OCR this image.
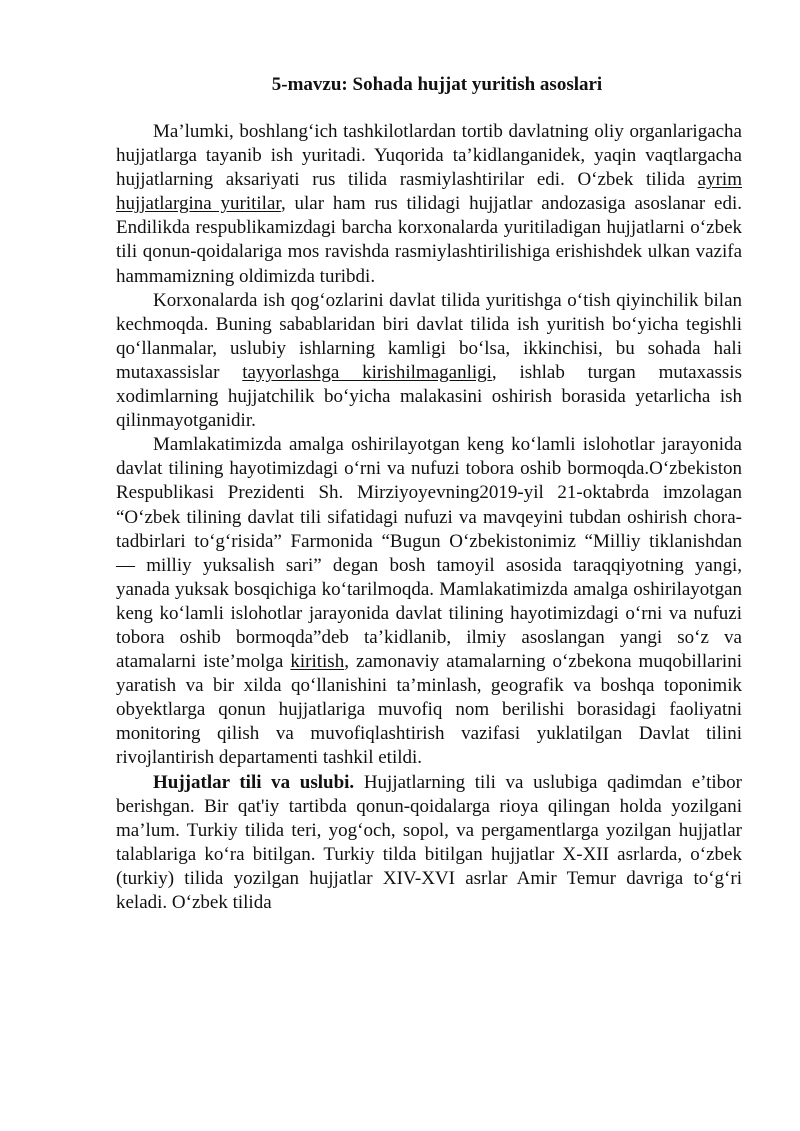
5-mavzu: Sohada hujjat yuritish asoslari

Ma’lumki, boshlang‘ich tashkilotlardan tortib davlatning oliy organlarigacha hujjatlarga tayanib ish yuritadi. Yuqorida ta’kidlanganidek, yaqin vaqtlargacha hujjatlarning aksariyati rus tilida rasmiylashtirilar edi. O‘zbek tilida ayrim hujjatlargina yuritilar, ular ham rus tilidagi hujjatlar andozasiga asoslanar edi. Endilikda respublikamizdagi barcha korxonalarda yuritiladigan hujjatlarni o‘zbek tili qonun-qoidalariga mos ravishda rasmiylashtirilishiga erishishdek ulkan vazifa hammamizning oldimizda turibdi.

Korxonalarda ish qog‘ozlarini davlat tilida yuritishga o‘tish qiyinchilik bilan kechmoqda. Buning sabablaridan biri davlat tilida ish yuritish bo‘yicha tegishli qo‘llanmalar, uslubiy ishlarning kamligi bo‘lsa, ikkinchisi, bu sohada hali mutaxassislar tayyorlashga kirishilmaganligi, ishlab turgan mutaxassis xodimlarning hujjatchilik bo‘yicha malakasini oshirish borasida yetarlicha ish qilinmayotganidir.

Mamlakatimizda amalga oshirilayotgan keng ko‘lamli islohotlar jarayonida davlat tilining hayotimizdagi o‘rni va nufuzi tobora oshib bormoqda.O‘zbekiston Respublikasi Prezidenti Sh. Mirziyoyevning2019-yil 21-oktabrda imzolagan “O‘zbek tilining davlat tili sifatidagi nufuzi va mavqeyini tubdan oshirish chora-tadbirlari to‘g‘risida” Farmonida “Bugun O‘zbekistonimiz “Milliy tiklanishdan — milliy yuksalish sari” degan bosh tamoyil asosida taraqqiyotning yangi, yanada yuksak bosqichiga ko‘tarilmoqda. Mamlakatimizda amalga oshirilayotgan keng ko‘lamli islohotlar jarayonida davlat tilining hayotimizdagi o‘rni va nufuzi tobora oshib bormoqda”deb ta’kidlanib, ilmiy asoslangan yangi so‘z va atamalarni iste’molga kiritish, zamonaviy atamalarning o‘zbekona muqobillarini yaratish va bir xilda qo‘llanishini ta’minlash, geografik va boshqa toponimik obyektlarga qonun hujjatlariga muvofiq nom berilishi borasidagi faoliyatni monitoring qilish va muvofiqlashtirish vazifasi yuklatilgan Davlat tilini rivojlantirish departamenti tashkil etildi.

Hujjatlar tili va uslubi. Hujjatlarning tili va uslubiga qadimdan e’tibor berishgan. Bir qat'iy tartibda qonun-qoidalarga rioya qilingan holda yozilgani ma’lum. Turkiy tilida teri, yog‘och, sopol, va pergamentlarga yozilgan hujjatlar talablariga ko‘ra bitilgan. Turkiy tilda bitilgan hujjatlar X-XII asrlarda, o‘zbek (turkiy) tilida yozilgan hujjatlar XIV-XVI asrlar Amir Temur davriga to‘g‘ri keladi. O‘zbek tilida
